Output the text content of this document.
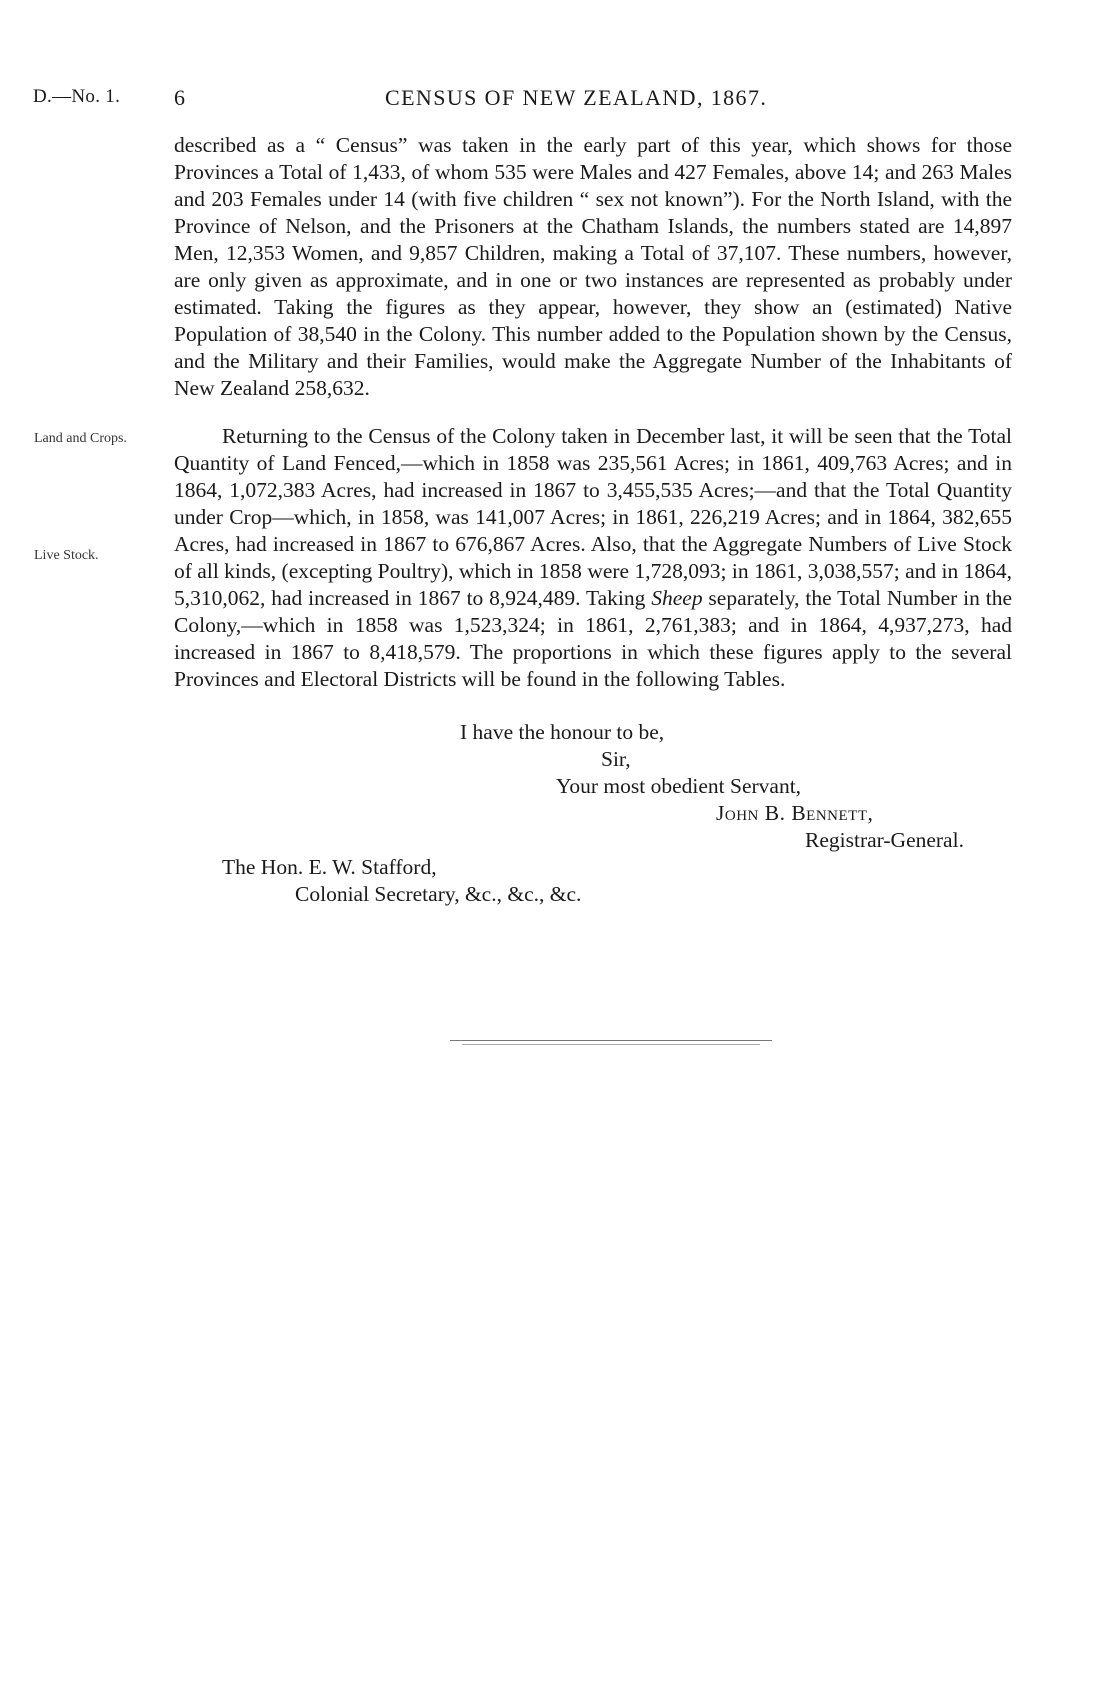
D.—No. 1. 6	CENSUS OF NEW ZEALAND, 1867.

described as a “ Census” was taken in the early part of this year, which shows for those Provinces a Total of 1,433, of whom 535 were Males and 427 Females, above 14; and 263 Males and 203 Females under 14 (with five children “ sex not known”). For the North Island, with the Province of Nelson, and the Prisoners at the Chatham Islands, the numbers stated are 14,897 Men, 12,353 Women, and 9,857 Children, making a Total of 37,107. These numbers, however, are only given as approximate, and in one or two instances are represented as probably under estimated. Taking the figures as they appear, however, they show an (estimated) Native Population of 38,540 in the Colony. This number added to the Population shown by the Census, and the Military and their Families, would make the Aggregate Number of the Inhabitants of New Zealand 258,632.

Land and Crops.
Live Stock.

Returning to the Census of the Colony taken in December last, it will be seen that the Total Quantity of Land Fenced,—which in 1858 was 235,561 Acres; in 1861, 409,763 Acres; and in 1864, 1,072,383 Acres, had increased in 1867 to 3,455,535 Acres;—and that the Total Quantity under Crop—which, in 1858, was 141,007 Acres; in 1861, 226,219 Acres; and in 1864, 382,655 Acres, had increased in 1867 to 676,867 Acres. Also, that the Aggregate Numbers of Live Stock of all kinds, (excepting Poultry), which in 1858 were 1,728,093; in 1861, 3,038,557; and in 1864, 5,310,062, had increased in 1867 to 8,924,489. Taking Sheep separately, the Total Number in the Colony,—which in 1858 was 1,523,324; in 1861, 2,761,383; and in 1864, 4,937,273, had increased in 1867 to 8,418,579. The proportions in which these figures apply to the several Provinces and Electoral Districts will be found in the following Tables.

I have the honour to be,
Sir,
Your most obedient Servant,
John B. Bennett,
Registrar-General.
The Hon. E. W. Stafford,
Colonial Secretary, &c., &c., &c.
